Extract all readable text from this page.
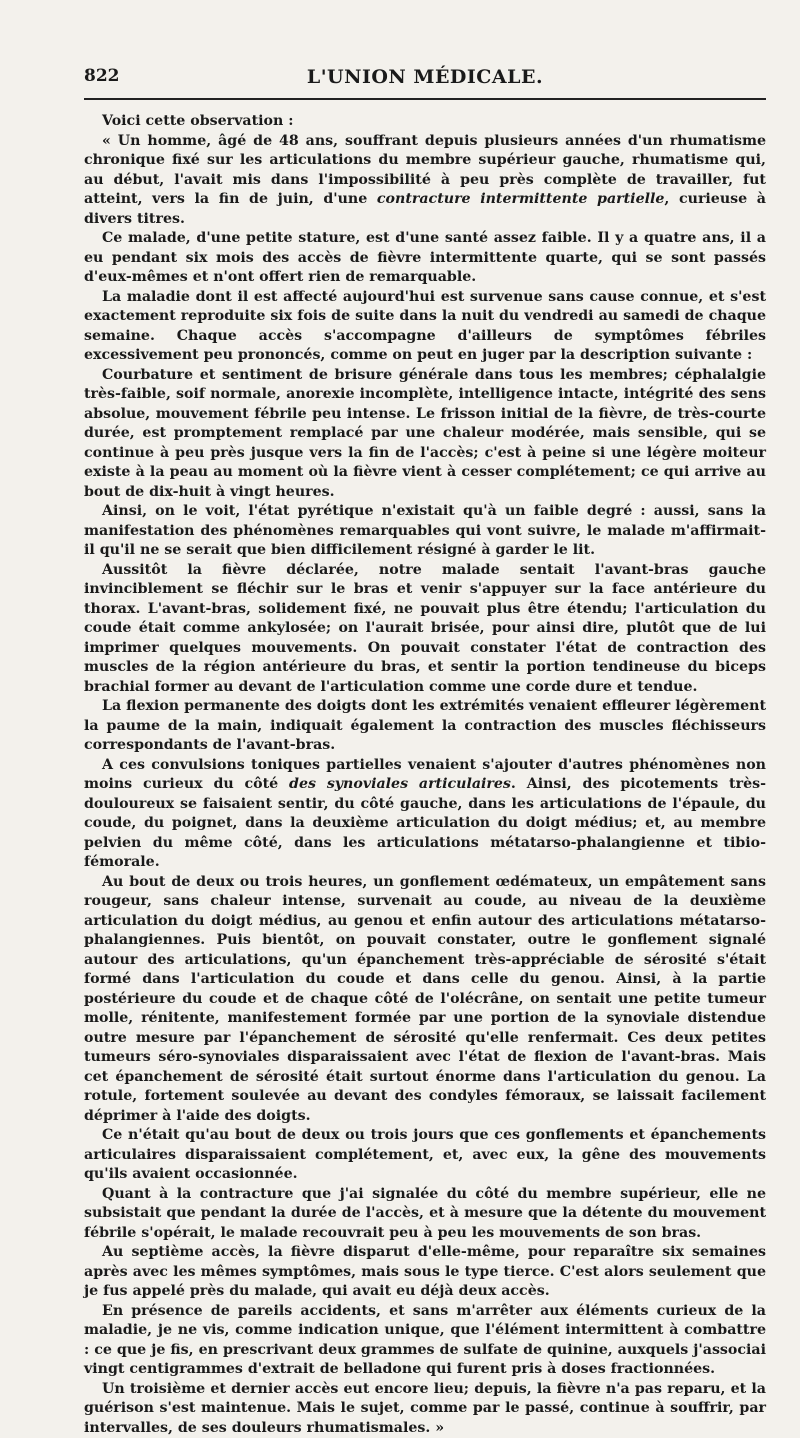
822	L'UNION MÉDICALE.

Voici cette observation :

« Un homme, âgé de 48 ans, souffrant depuis plusieurs années d'un rhumatisme chronique fixé sur les articulations du membre supérieur gauche, rhumatisme qui, au début, l'avait mis dans l'impossibilité à peu près complète de travailler, fut atteint, vers la fin de juin, d'une contracture intermittente partielle, curieuse à divers titres.

Ce malade, d'une petite stature, est d'une santé assez faible. Il y a quatre ans, il a eu pendant six mois des accès de fièvre intermittente quarte, qui se sont passés d'eux-mêmes et n'ont offert rien de remarquable.

La maladie dont il est affecté aujourd'hui est survenue sans cause connue, et s'est exactement reproduite six fois de suite dans la nuit du vendredi au samedi de chaque semaine. Chaque accès s'accompagne d'ailleurs de symptômes fébriles excessivement peu prononcés, comme on peut en juger par la description suivante :

Courbature et sentiment de brisure générale dans tous les membres; céphalalgie très-faible, soif normale, anorexie incomplète, intelligence intacte, intégrité des sens absolue, mouvement fébrile peu intense. Le frisson initial de la fièvre, de très-courte durée, est promptement remplacé par une chaleur modérée, mais sensible, qui se continue à peu près jusque vers la fin de l'accès; c'est à peine si une légère moiteur existe à la peau au moment où la fièvre vient à cesser complétement; ce qui arrive au bout de dix-huit à vingt heures.

Ainsi, on le voit, l'état pyrétique n'existait qu'à un faible degré : aussi, sans la manifestation des phénomènes remarquables qui vont suivre, le malade m'affirmait-il qu'il ne se serait que bien difficilement résigné à garder le lit.

Aussitôt la fièvre déclarée, notre malade sentait l'avant-bras gauche invinciblement se fléchir sur le bras et venir s'appuyer sur la face antérieure du thorax. L'avant-bras, solidement fixé, ne pouvait plus être étendu; l'articulation du coude était comme ankylosée; on l'aurait brisée, pour ainsi dire, plutôt que de lui imprimer quelques mouvements. On pouvait constater l'état de contraction des muscles de la région antérieure du bras, et sentir la portion tendineuse du biceps brachial former au devant de l'articulation comme une corde dure et tendue.

La flexion permanente des doigts dont les extrémités venaient effleurer légèrement la paume de la main, indiquait également la contraction des muscles fléchisseurs correspondants de l'avant-bras.

A ces convulsions toniques partielles venaient s'ajouter d'autres phénomènes non moins curieux du côté des synoviales articulaires. Ainsi, des picotements très-douloureux se faisaient sentir, du côté gauche, dans les articulations de l'épaule, du coude, du poignet, dans la deuxième articulation du doigt médius; et, au membre pelvien du même côté, dans les articulations métatarso-phalangienne et tibio-fémorale.

Au bout de deux ou trois heures, un gonflement œdémateux, un empâtement sans rougeur, sans chaleur intense, survenait au coude, au niveau de la deuxième articulation du doigt médius, au genou et enfin autour des articulations métatarso-phalangiennes. Puis bientôt, on pouvait constater, outre le gonflement signalé autour des articulations, qu'un épanchement très-appréciable de sérosité s'était formé dans l'articulation du coude et dans celle du genou. Ainsi, à la partie postérieure du coude et de chaque côté de l'olécrâne, on sentait une petite tumeur molle, rénitente, manifestement formée par une portion de la synoviale distendue outre mesure par l'épanchement de sérosité qu'elle renfermait. Ces deux petites tumeurs séro-synoviales disparaissaient avec l'état de flexion de l'avant-bras. Mais cet épanchement de sérosité était surtout énorme dans l'articulation du genou. La rotule, fortement soulevée au devant des condyles fémoraux, se laissait facilement déprimer à l'aide des doigts.

Ce n'était qu'au bout de deux ou trois jours que ces gonflements et épanchements articulaires disparaissaient complétement, et, avec eux, la gêne des mouvements qu'ils avaient occasionnée.

Quant à la contracture que j'ai signalée du côté du membre supérieur, elle ne subsistait que pendant la durée de l'accès, et à mesure que la détente du mouvement fébrile s'opérait, le malade recouvrait peu à peu les mouvements de son bras.

Au septième accès, la fièvre disparut d'elle-même, pour reparaître six semaines après avec les mêmes symptômes, mais sous le type tierce. C'est alors seulement que je fus appelé près du malade, qui avait eu déjà deux accès.

En présence de pareils accidents, et sans m'arrêter aux éléments curieux de la maladie, je ne vis, comme indication unique, que l'élément intermittent à combattre : ce que je fis, en prescrivant deux grammes de sulfate de quinine, auxquels j'associai vingt centigrammes d'extrait de belladone qui furent pris à doses fractionnées.

Un troisième et dernier accès eut encore lieu; depuis, la fièvre n'a pas reparu, et la guérison s'est maintenue. Mais le sujet, comme par le passé, continue à souffrir, par intervalles, de ses douleurs rhumatismales. »
